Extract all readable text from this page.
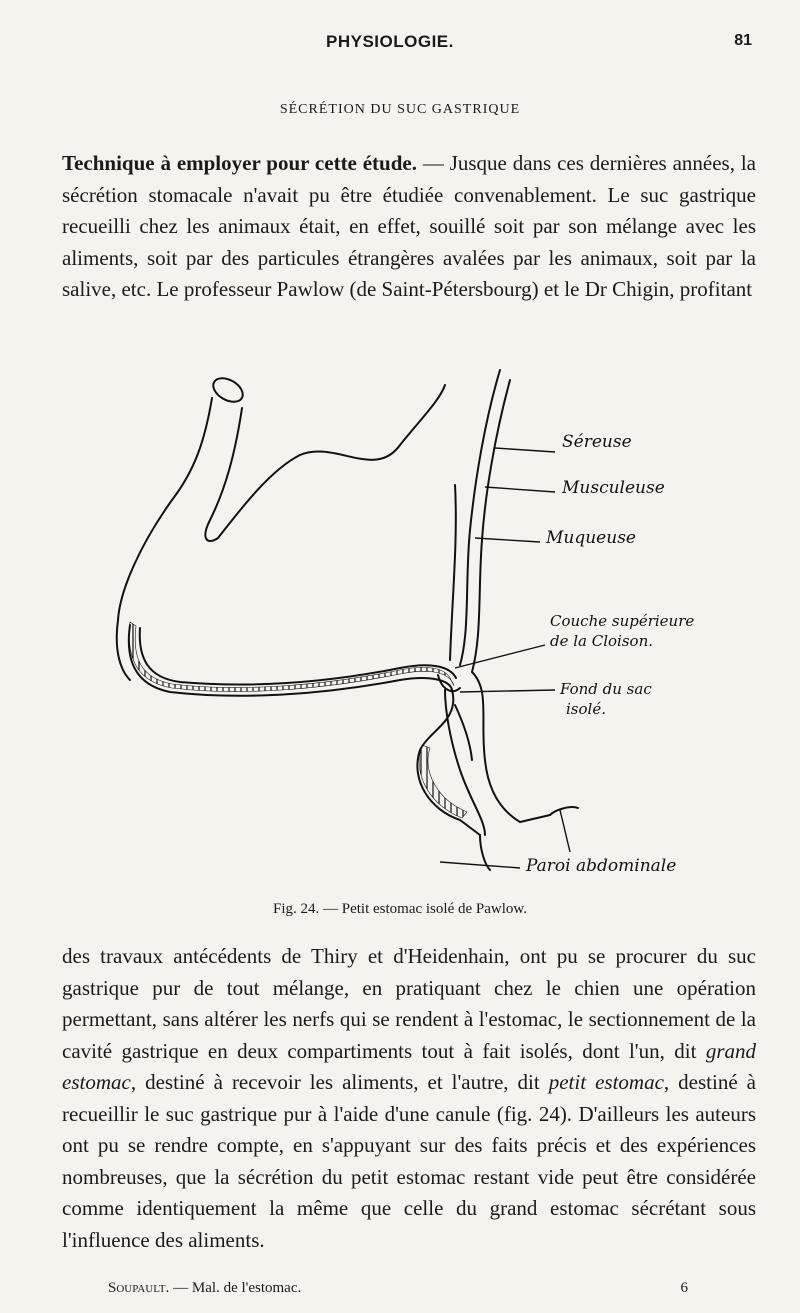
PHYSIOLOGIE.	81
SÉCRÉTION DU SUC GASTRIQUE
Technique à employer pour cette étude. — Jusque dans ces dernières années, la sécrétion stomacale n'avait pu être étudiée convenablement. Le suc gastrique recueilli chez les animaux était, en effet, souillé soit par son mélange avec les aliments, soit par des particules étrangères avalées par les animaux, soit par la salive, etc. Le professeur Pawlow (de Saint-Pétersbourg) et le Dr Chigin, profitant
Séreuse
Musculeuse
Muqueuse
Couche supérieure
de la Cloison.
Fond du sac
isolé.
Paroi abdominale
Fig. 24. — Petit estomac isolé de Pawlow.
des travaux antécédents de Thiry et d'Heidenhain, ont pu se procurer du suc gastrique pur de tout mélange, en pratiquant chez le chien une opération permettant, sans altérer les nerfs qui se rendent à l'estomac, le sectionnement de la cavité gastrique en deux compartiments tout à fait isolés, dont l'un, dit grand estomac, destiné à recevoir les aliments, et l'autre, dit petit estomac, destiné à recueillir le suc gastrique pur à l'aide d'une canule (fig. 24). D'ailleurs les auteurs ont pu se rendre compte, en s'appuyant sur des faits précis et des expériences nombreuses, que la sécrétion du petit estomac restant vide peut être considérée comme identiquement la même que celle du grand estomac sécrétant sous l'influence des aliments.
Soupault. — Mal. de l'estomac.	6
